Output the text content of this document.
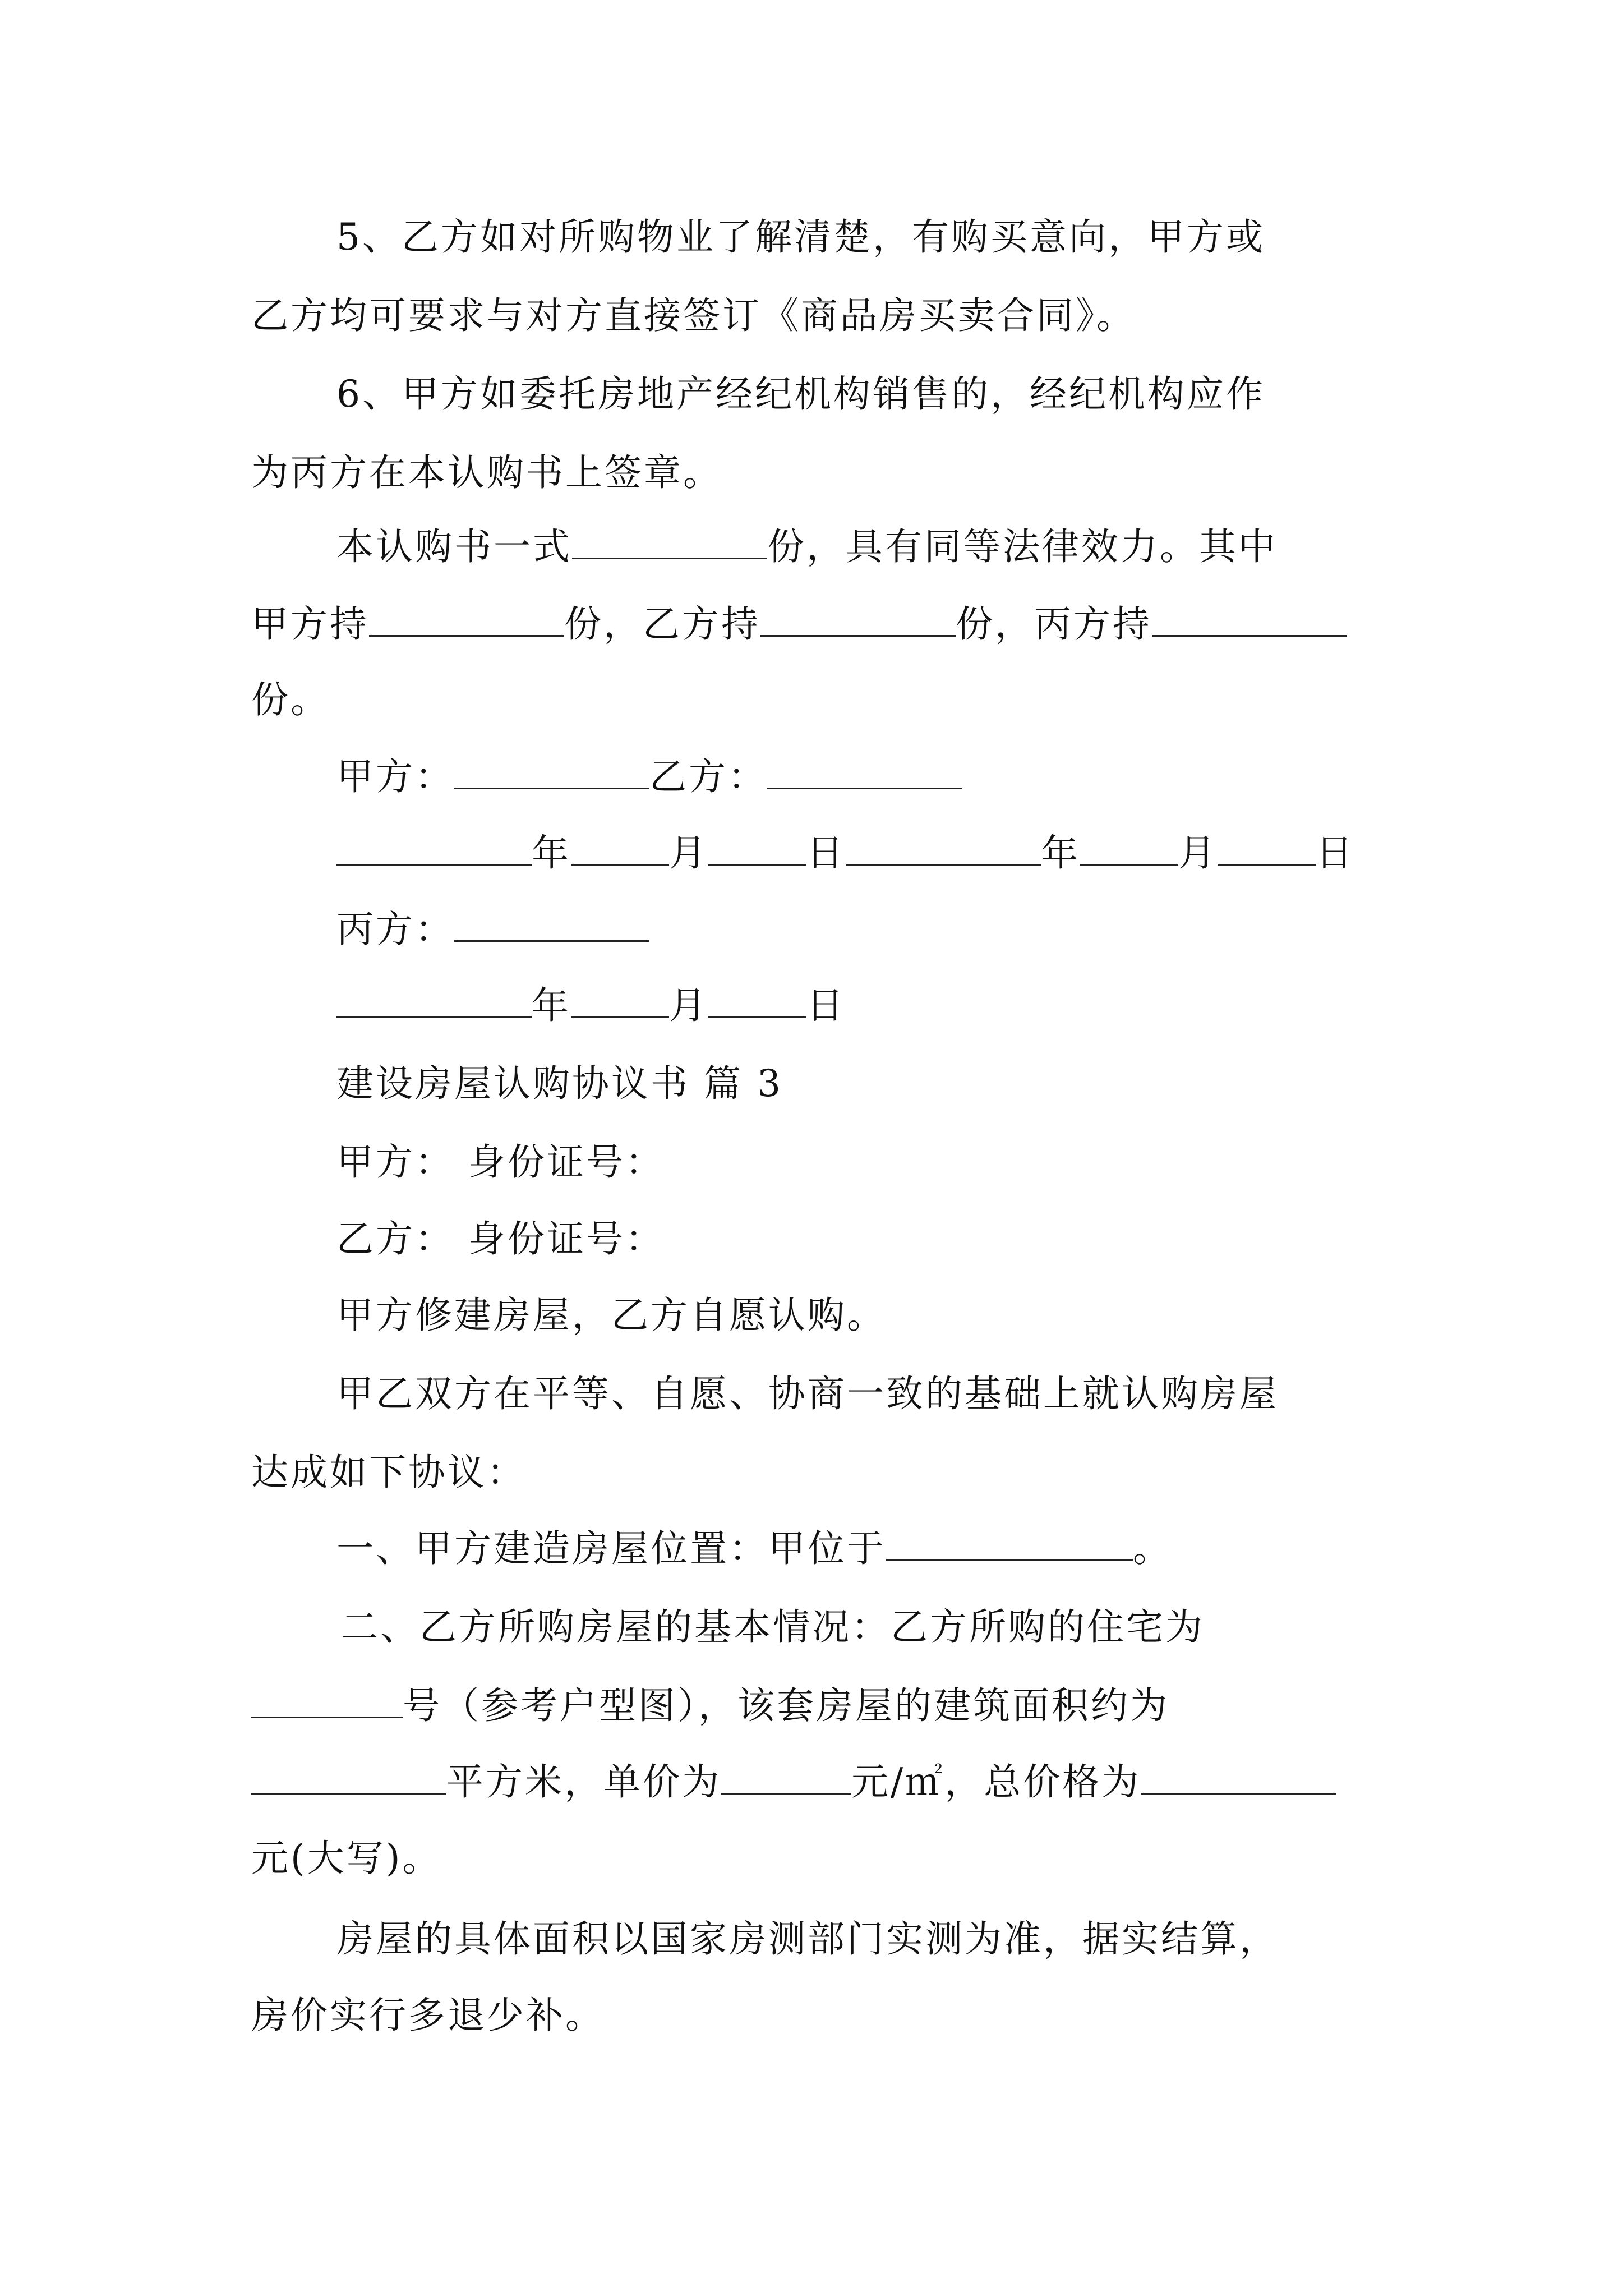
5、乙方如对所购物业了解清楚，有购买意向，甲方或
乙方均可要求与对方直接签订《商品房买卖合同》。
6、甲方如委托房地产经纪机构销售的，经纪机构应作
为丙方在本认购书上签章。
本认购书一式	份，具有同等法律效力。其中
甲方持	份，乙方持	份，丙方持
份。
甲方：	乙方：
年	月	日	年	月	日
丙方：
年	月	日
建设房屋认购协议书 篇 3
甲方： 身份证号：
乙方： 身份证号：
甲方修建房屋，乙方自愿认购。
甲乙双方在平等、自愿、协商一致的基础上就认购房屋
达成如下协议：
一、甲方建造房屋位置：甲位于	。
二、乙方所购房屋的基本情况：乙方所购的住宅为
号（参考户型图），该套房屋的建筑面积约为
平方米，单价为	元/㎡，总价格为
元(大写)。
房屋的具体面积以国家房测部门实测为准，据实结算，
房价实行多退少补。
